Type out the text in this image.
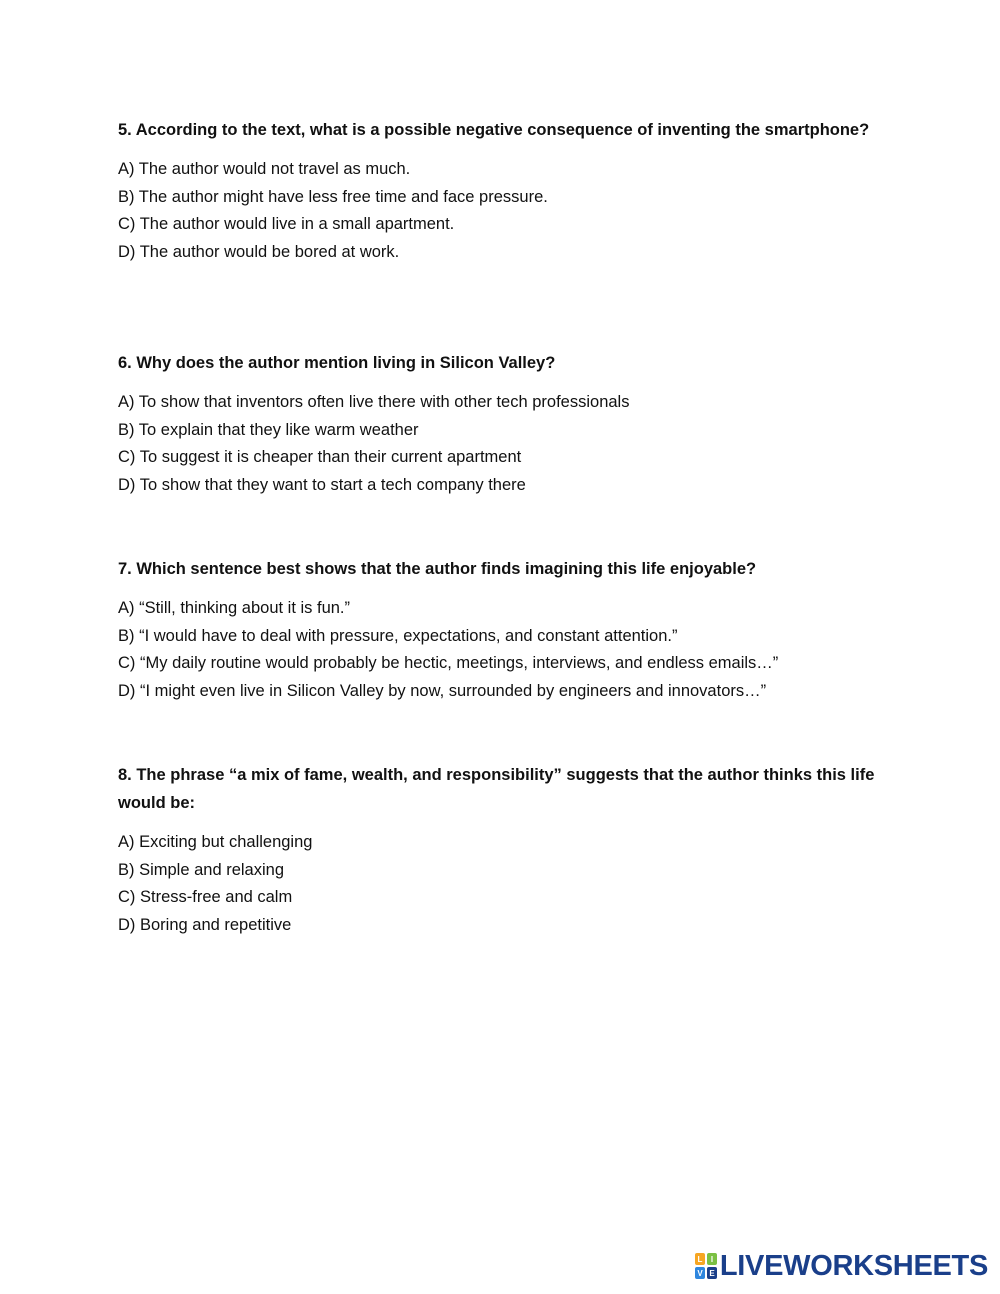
5. According to the text, what is a possible negative consequence of inventing the smartphone?

A) The author would not travel as much.
B) The author might have less free time and face pressure.
C) The author would live in a small apartment.
D) The author would be bored at work.

6. Why does the author mention living in Silicon Valley?

A) To show that inventors often live there with other tech professionals
B) To explain that they like warm weather
C) To suggest it is cheaper than their current apartment
D) To show that they want to start a tech company there

7. Which sentence best shows that the author finds imagining this life enjoyable?

A) “Still, thinking about it is fun.”
B) “I would have to deal with pressure, expectations, and constant attention.”
C) “My daily routine would probably be hectic, meetings, interviews, and endless emails…”
D) “I might even live in Silicon Valley by now, surrounded by engineers and innovators…”

8. The phrase “a mix of fame, wealth, and responsibility” suggests that the author thinks this life would be:

A) Exciting but challenging
B) Simple and relaxing
C) Stress-free and calm
D) Boring and repetitive
L I
V E LIVEWORKSHEETS
